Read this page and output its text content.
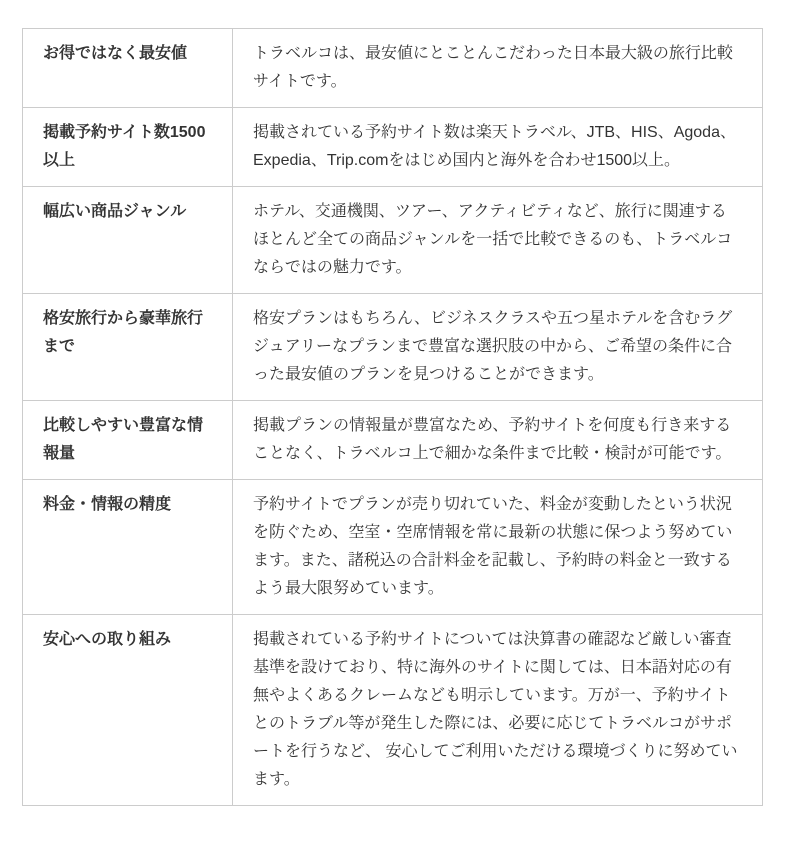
お得ではなく最安値	トラベルコは、最安値にとことんこだわった日本最大級の旅行比較サイトです。
掲載予約サイト数1500以上	掲載されている予約サイト数は楽天トラベル、JTB、HIS、Agoda、Expedia、Trip.comをはじめ国内と海外を合わせ1500以上。
幅広い商品ジャンル	ホテル、交通機関、ツアー、アクティビティなど、旅行に関連するほとんど全ての商品ジャンルを一括で比較できるのも、トラベルコならではの魅力です。
格安旅行から豪華旅行まで	格安プランはもちろん、ビジネスクラスや五つ星ホテルを含むラグジュアリーなプランまで豊富な選択肢の中から、ご希望の条件に合った最安値のプランを見つけることができます。
比較しやすい豊富な情報量	掲載プランの情報量が豊富なため、予約サイトを何度も行き来することなく、トラベルコ上で細かな条件まで比較・検討が可能です。
料金・情報の精度	予約サイトでプランが売り切れていた、料金が変動したという状況を防ぐため、空室・空席情報を常に最新の状態に保つよう努めています。また、諸税込の合計料金を記載し、予約時の料金と一致するよう最大限努めています。
安心への取り組み	掲載されている予約サイトについては決算書の確認など厳しい審査基準を設けており、特に海外のサイトに関しては、日本語対応の有無やよくあるクレームなども明示しています。万が一、予約サイトとのトラブル等が発生した際には、必要に応じてトラベルコがサポートを行うなど、 安心してご利用いただける環境づくりに努めています。
